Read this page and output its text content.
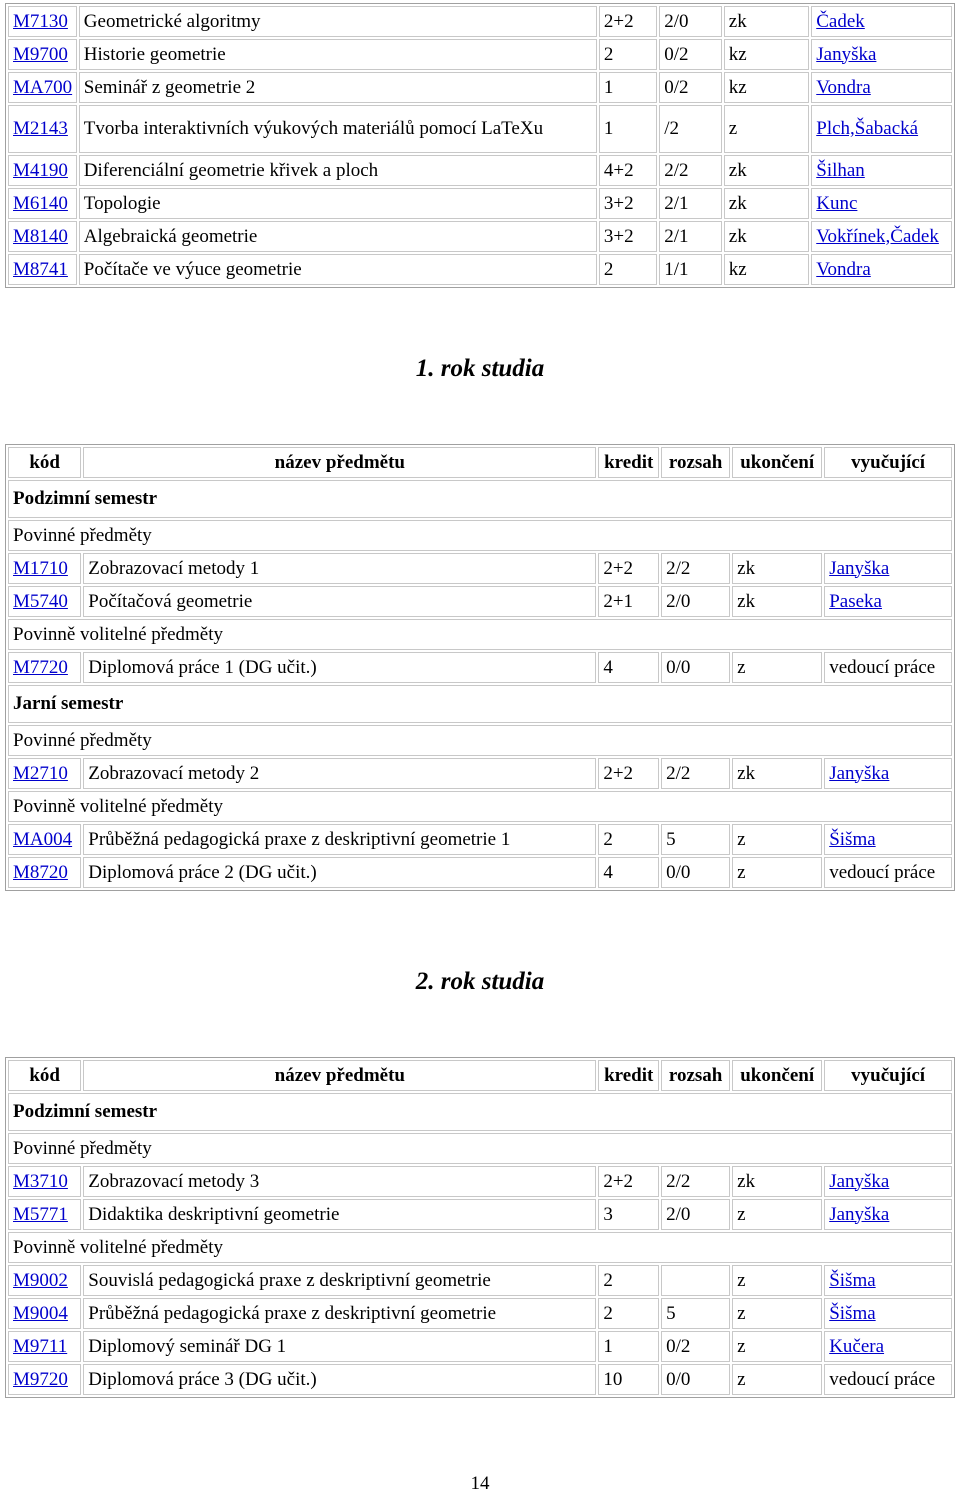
M7130	Geometrické algoritmy	2+2	2/0	zk	Čadek
M9700	Historie geometrie	2	0/2	kz	Janyška
MA700	Seminář z geometrie 2	1	0/2	kz	Vondra
M2143	Tvorba interaktivních výukových materiálů pomocí LaTeXu	1	/2	z	Plch,Šabacká
M4190	Diferenciální geometrie křivek a ploch	4+2	2/2	zk	Šilhan
M6140	Topologie	3+2	2/1	zk	Kunc
M8140	Algebraická geometrie	3+2	2/1	zk	Vokřínek,Čadek
M8741	Počítače ve výuce geometrie	2	1/1	kz	Vondra
1. rok studia
kód	název předmětu	kredit	rozsah	ukončení	vyučující
Podzimní semestr					
Povinné předměty					
M1710	Zobrazovací metody 1	2+2	2/2	zk	Janyška
M5740	Počítačová geometrie	2+1	2/0	zk	Paseka
Povinně volitelné předměty					
M7720	Diplomová práce 1 (DG učit.)	4	0/0	z	vedoucí práce
Jarní semestr					
Povinné předměty					
M2710	Zobrazovací metody 2	2+2	2/2	zk	Janyška
Povinně volitelné předměty					
MA004	Průběžná pedagogická praxe z deskriptivní geometrie 1	2	5	z	Šišma
M8720	Diplomová práce 2 (DG učit.)	4	0/0	z	vedoucí práce
2. rok studia
kód	název předmětu	kredit	rozsah	ukončení	vyučující
Podzimní semestr					
Povinné předměty					
M3710	Zobrazovací metody 3	2+2	2/2	zk	Janyška
M5771	Didaktika deskriptivní geometrie	3	2/0	z	Janyška
Povinně volitelné předměty					
M9002	Souvislá pedagogická praxe z deskriptivní geometrie	2		z	Šišma
M9004	Průběžná pedagogická praxe z deskriptivní geometrie	2	5	z	Šišma
M9711	Diplomový seminář DG 1	1	0/2	z	Kučera
M9720	Diplomová práce 3 (DG učit.)	10	0/0	z	vedoucí práce
14
